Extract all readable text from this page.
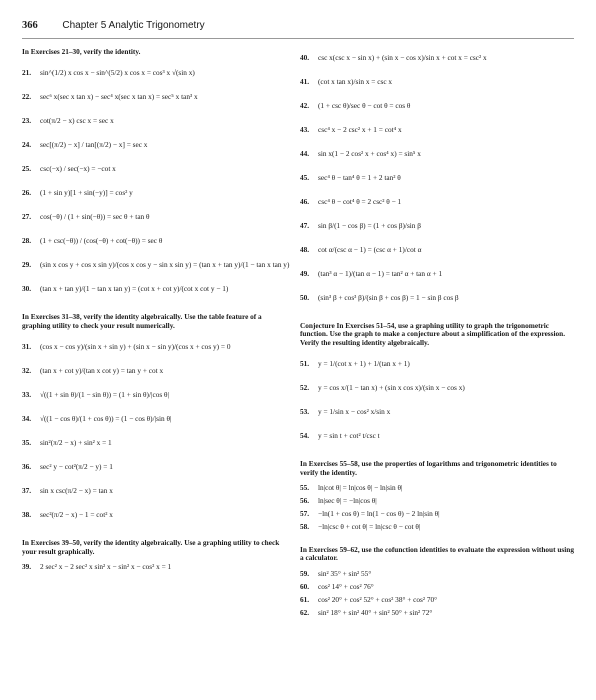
366 Chapter 5 Analytic Trigonometry
In Exercises 21–30, verify the identity.
21. sin^(1/2) x cos x − sin^(5/2) x cos x = cos³ x √(sin x)
22. sec⁶ x(sec x tan x) − sec⁴ x(sec x tan x) = sec⁵ x tan³ x
23. cot(π/2 − x) csc x = sec x
24. sec[(π/2) − x] / tan[(π/2) − x] = sec x
25. csc(−x) / sec(−x) = −cot x
26. (1 + sin y)[1 + sin(−y)] = cos² y
27. cos(−θ) / (1 + sin(−θ)) = sec θ + tan θ
28. (1 + csc(−θ)) / (cos(−θ) + cot(−θ)) = sec θ
29. (sin x cos y + cos x sin y)/(cos x cos y − sin x sin y) = (tan x + tan y)/(1 − tan x tan y)
30. (tan x + tan y)/(1 − tan x tan y) = (cot x + cot y)/(cot x cot y − 1)
In Exercises 31–38, verify the identity algebraically. Use the table feature of a graphing utility to check your result numerically.
31. (cos x − cos y)/(sin x + sin y) + (sin x − sin y)/(cos x + cos y) = 0
32. (tan x + cot y)/(tan x cot y) = tan y + cot x
33. √((1 + sin θ)/(1 − sin θ)) = (1 + sin θ)/|cos θ|
34. √((1 − cos θ)/(1 + cos θ)) = (1 − cos θ)/|sin θ|
35. sin²(π/2 − x) + sin² x = 1
36. sec² y − cot²(π/2 − y) = 1
37. sin x csc(π/2 − x) = tan x
38. sec²(π/2 − x) − 1 = cot² x
In Exercises 39–50, verify the identity algebraically. Use a graphing utility to check your result graphically.
39. 2 sec² x − 2 sec² x sin² x − sin² x − cos² x = 1
40. csc x(csc x − sin x) + (sin x − cos x)/sin x + cot x = csc² x
41. (cot x tan x)/sin x = csc x
42. (1 + csc θ)/sec θ − cot θ = cos θ
43. csc⁴ x − 2 csc² x + 1 = cot⁴ x
44. sin x(1 − 2 cos² x + cos⁴ x) = sin⁵ x
45. sec⁴ θ − tan⁴ θ = 1 + 2 tan² θ
46. csc⁴ θ − cot⁴ θ = 2 csc² θ − 1
47. sin β/(1 − cos β) = (1 + cos β)/sin β
48. cot α/(csc α − 1) = (csc α + 1)/cot α
49. (tan³ α − 1)/(tan α − 1) = tan² α + tan α + 1
50. (sin³ β + cos³ β)/(sin β + cos β) = 1 − sin β cos β
Conjecture In Exercises 51–54, use a graphing utility to graph the trigonometric function. Use the graph to make a conjecture about a simplification of the expression. Verify the resulting identity algebraically.
51. y = 1/(cot x + 1) + 1/(tan x + 1)
52. y = cos x/(1 − tan x) + (sin x cos x)/(sin x − cos x)
53. y = 1/sin x − cos² x/sin x
54. y = sin t + cot² t/csc t
In Exercises 55–58, use the properties of logarithms and trigonometric identities to verify the identity.
55. ln|cot θ| = ln|cos θ| − ln|sin θ|
56. ln|sec θ| = −ln|cos θ|
57. −ln(1 + cos θ) = ln(1 − cos θ) − 2 ln|sin θ|
58. −ln|csc θ + cot θ| = ln|csc θ − cot θ|
In Exercises 59–62, use the cofunction identities to evaluate the expression without using a calculator.
59. sin² 35° + sin² 55°
60. cos² 14° + cos² 76°
61. cos² 20° + cos² 52° + cos² 38° + cos² 70°
62. sin² 18° + sin² 40° + sin² 50° + sin² 72°
